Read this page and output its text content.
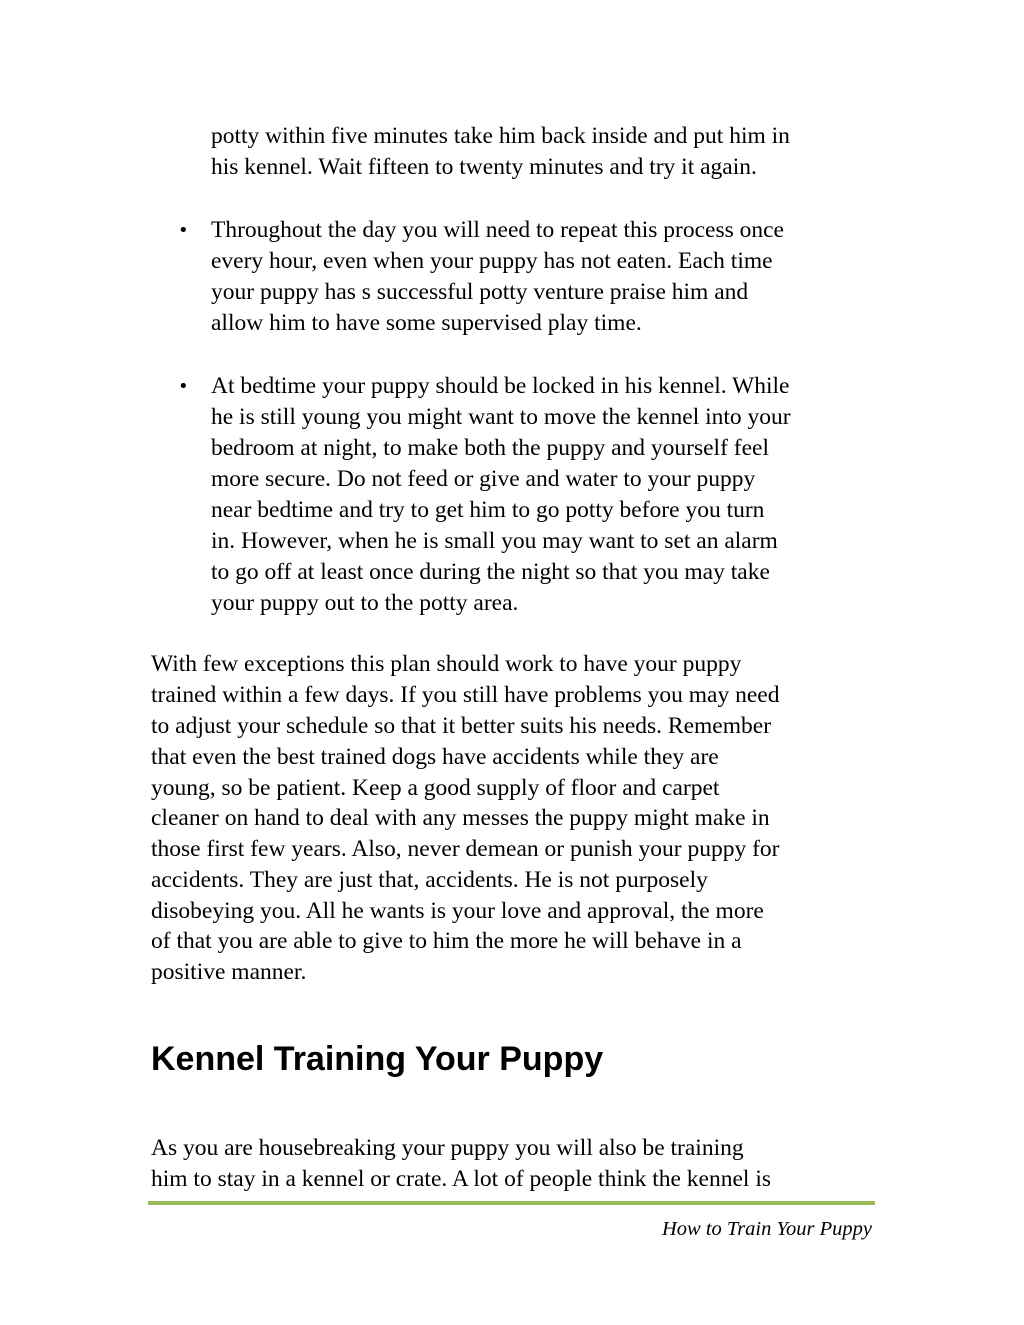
potty within five minutes take him back inside and put him in

his kennel. Wait fifteen to twenty minutes and try it again.

• Throughout the day you will need to repeat this process once

every hour, even when your puppy has not eaten. Each time

your puppy has s successful potty venture praise him and

allow him to have some supervised play time.

• At bedtime your puppy should be locked in his kennel. While

he is still young you might want to move the kennel into your

bedroom at night, to make both the puppy and yourself feel

more secure. Do not feed or give and water to your puppy

near bedtime and try to get him to go potty before you turn

in. However, when he is small you may want to set an alarm

to go off at least once during the night so that you may take

your puppy out to the potty area.

With few exceptions this plan should work to have your puppy

trained within a few days. If you still have problems you may need

to adjust your schedule so that it better suits his needs. Remember

that even the best trained dogs have accidents while they are

young, so be patient. Keep a good supply of floor and carpet

cleaner on hand to deal with any messes the puppy might make in

those first few years. Also, never demean or punish your puppy for

accidents. They are just that, accidents. He is not purposely

disobeying you. All he wants is your love and approval, the more

of that you are able to give to him the more he will behave in a

positive manner.

Kennel Training Your Puppy

As you are housebreaking your puppy you will also be training

him to stay in a kennel or crate. A lot of people think the kennel is

How to Train Your Puppy
